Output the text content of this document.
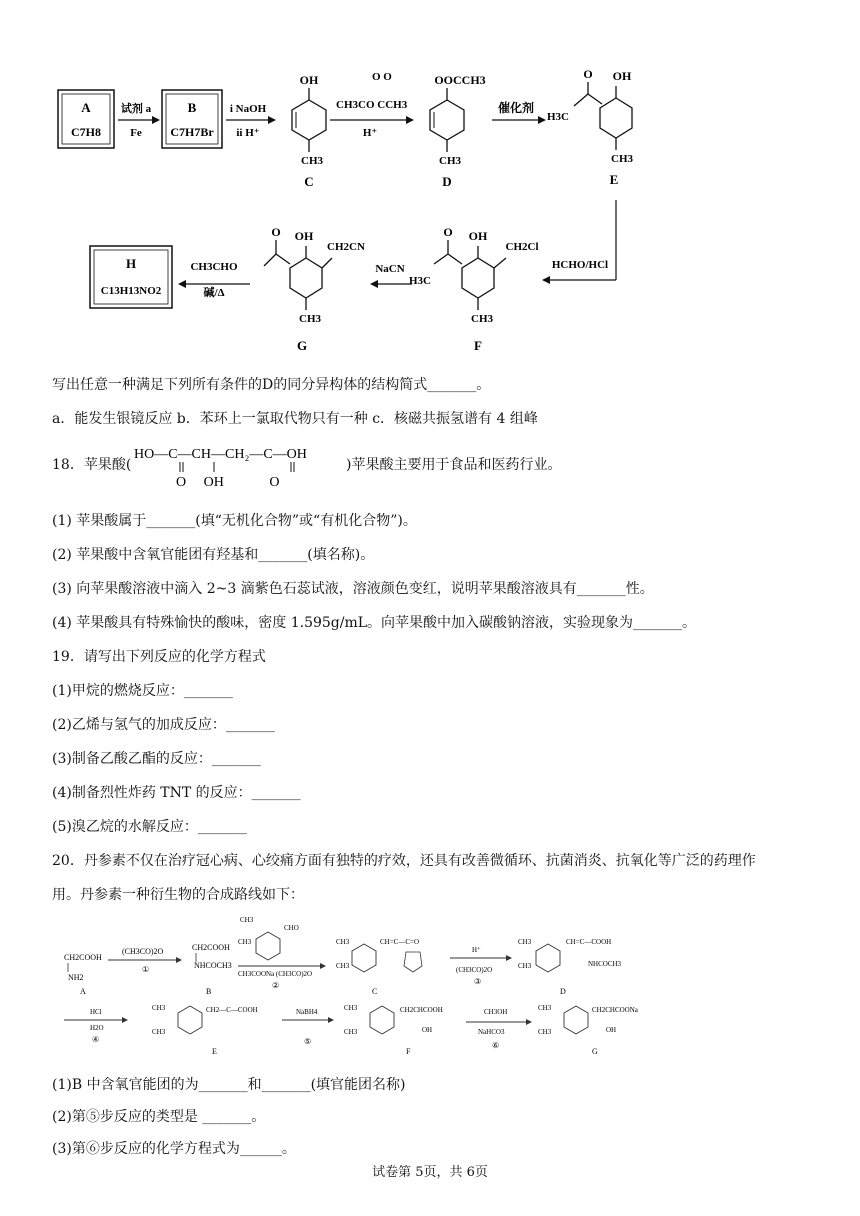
A
C7H8
试剂 a
Fe
B
C7H7Br
i NaOH
ii H⁺
OH
CH3
C
O O
CH3CO CCH3
H⁺
OOCCH3
CH3
D
催化剂
O
H3C
OH
CH3
E
HCHO/HCl
O
H3C
OH
CH2Cl
CH3
F
NaCN
O OH
CH2CN
CH3
G
CH3CHO
碱/Δ
H
C13H13NO2
写出任意一种满足下列所有条件的D的同分异构体的结构简式_______。
a．能发生银镜反应 b．苯环上一氯取代物只有一种 c．核磁共振氢谱有 4 组峰
18．苹果酸(
HO—C—CH—CH₂—C—OH
O     OH             O
)苹果酸主要用于食品和医药行业。
(1) 苹果酸属于_______(填“无机化合物”或“有机化合物”)。
(2) 苹果酸中含氧官能团有羟基和_______(填名称)。
(3) 向苹果酸溶液中滴入 2~3 滴紫色石蕊试液，溶液颜色变红，说明苹果酸溶液具有_______性。
(4) 苹果酸具有特殊愉快的酸味，密度 1.595g/mL。向苹果酸中加入碳酸钠溶液，实验现象为_______。
19．请写出下列反应的化学方程式
(1)甲烷的燃烧反应：_______
(2)乙烯与氢气的加成反应：_______
(3)制备乙酸乙酯的反应：_______
(4)制备烈性炸药 TNT 的反应：_______
(5)溴乙烷的水解反应：_______
20．丹参素不仅在治疗冠心病、心绞痛方面有独特的疗效，还具有改善微循环、抗菌消炎、抗氧化等广泛的药理作
用。丹参素一种衍生物的合成路线如下：
CH2COOH
NH2
A
(CH3CO)2O
①
CH2COOH
NHCOCH3
B
CH3
CH3
CHO
CH3COONa (CH3CO)2O
②
CH3
CH3
CH=C—C=O
C
H⁺
(CH3CO)2O
③
CH3
CH3
CH=C—COOH
NHCOCH3
D
HCl
H2O
④
CH3
CH3
CH2—C—COOH
E
NaBH4
⑤
CH3
CH3
CH2CHCOOH
OH
F
CH3OH
NaHCO3
⑥
CH3
CH3
CH2CHCOONa
OH
G
(1)B 中含氧官能团的为_______和_______(填官能团名称)
(2)第⑤步反应的类型是 _______。
(3)第⑥步反应的化学方程式为______。
试卷第 5页，共 6页
